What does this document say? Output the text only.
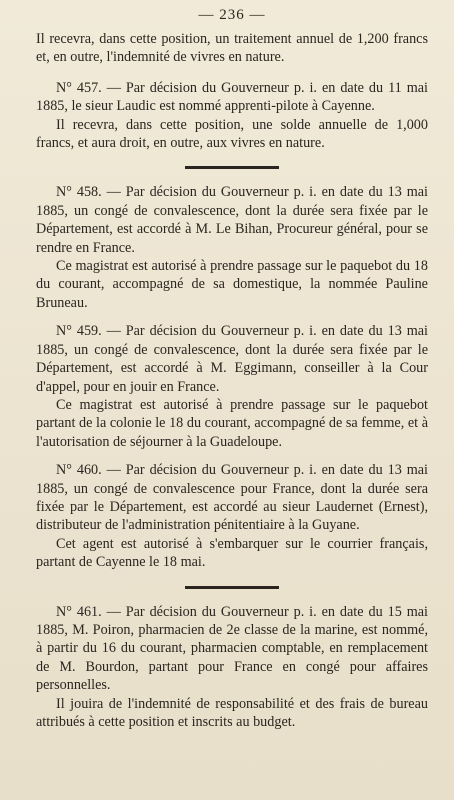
— 236 —

Il recevra, dans cette position, un traitement annuel de 1,200 francs et, en outre, l'indemnité de vivres en nature.

N° 457. — Par décision du Gouverneur p. i. en date du 11 mai 1885, le sieur Laudic est nommé apprenti-pilote à Cayenne.

Il recevra, dans cette position, une solde annuelle de 1,000 francs, et aura droit, en outre, aux vivres en nature.

N° 458. — Par décision du Gouverneur p. i. en date du 13 mai 1885, un congé de convalescence, dont la durée sera fixée par le Département, est accordé à M. Le Bihan, Procureur général, pour se rendre en France.

Ce magistrat est autorisé à prendre passage sur le paquebot du 18 du courant, accompagné de sa domestique, la nommée Pauline Bruneau.

N° 459. — Par décision du Gouverneur p. i. en date du 13 mai 1885, un congé de convalescence, dont la durée sera fixée par le Département, est accordé à M. Eggimann, conseiller à la Cour d'appel, pour en jouir en France.

Ce magistrat est autorisé à prendre passage sur le paquebot partant de la colonie le 18 du courant, accompagné de sa femme, et à l'autorisation de séjourner à la Guadeloupe.

N° 460. — Par décision du Gouverneur p. i. en date du 13 mai 1885, un congé de convalescence pour France, dont la durée sera fixée par le Département, est accordé au sieur Laudernet (Ernest), distributeur de l'administration pénitentiaire à la Guyane.

Cet agent est autorisé à s'embarquer sur le courrier français, partant de Cayenne le 18 mai.

N° 461. — Par décision du Gouverneur p. i. en date du 15 mai 1885, M. Poiron, pharmacien de 2e classe de la marine, est nommé, à partir du 16 du courant, pharmacien comptable, en remplacement de M. Bourdon, partant pour France en congé pour affaires personnelles.

Il jouira de l'indemnité de responsabilité et des frais de bureau attribués à cette position et inscrits au budget.
